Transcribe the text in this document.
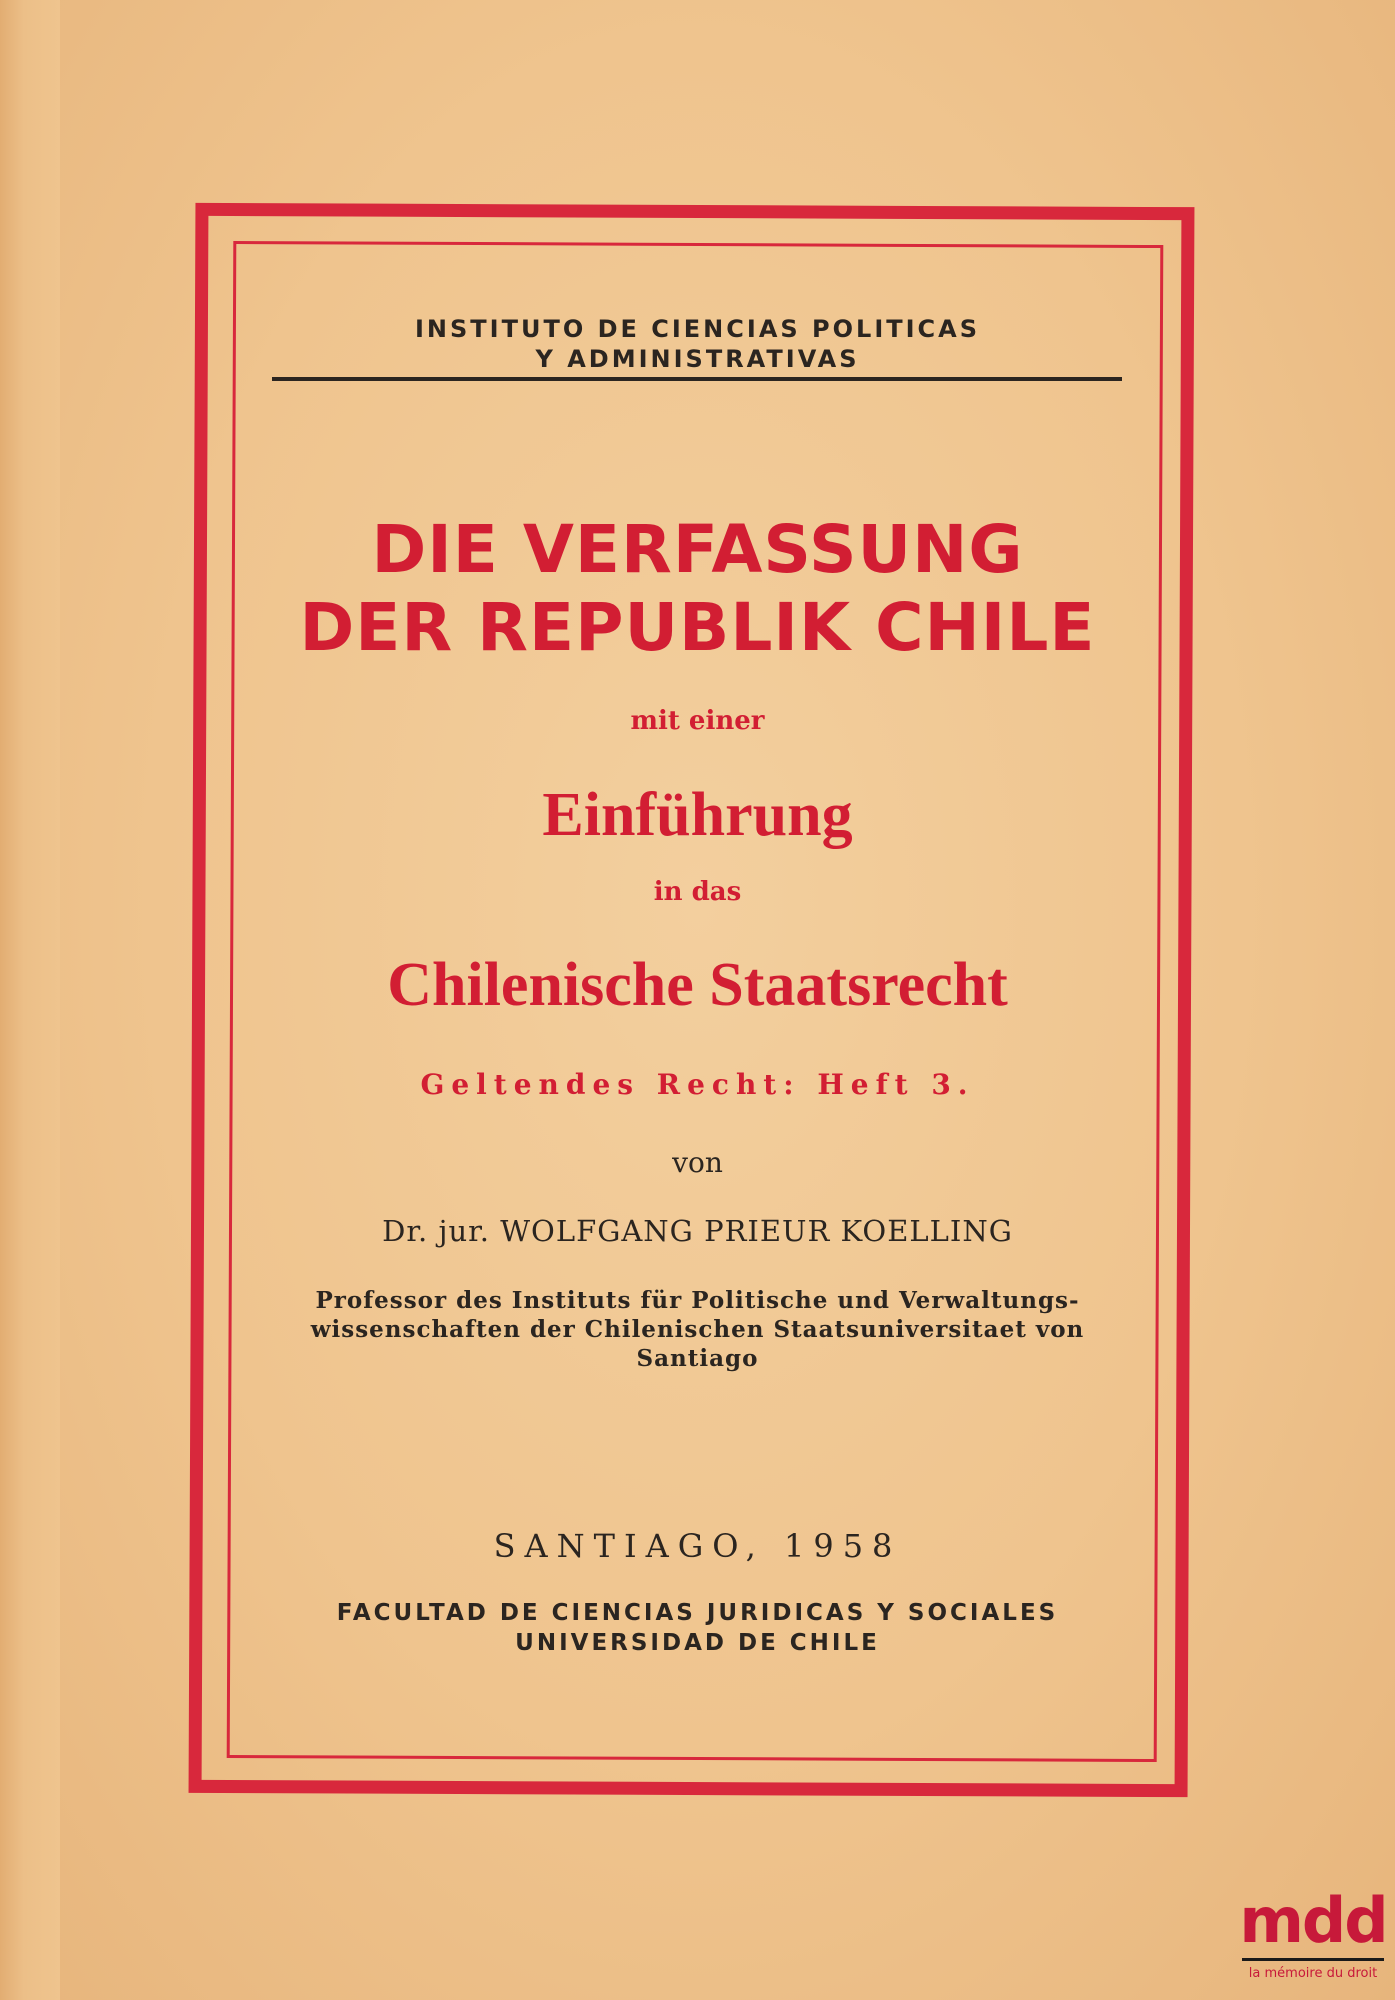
INSTITUTO DE CIENCIAS POLITICAS

Y ADMINISTRATIVAS

DIE VERFASSUNG

DER REPUBLIK CHILE

mit einer

Einführung

in das

Chilenische Staatsrecht

Geltendes Recht: Heft 3.

von

Dr. jur. WOLFGANG PRIEUR KOELLING

Professor des Instituts für Politische und Verwaltungs-

wissenschaften der Chilenischen Staatsuniversitaet von

Santiago

SANTIAGO, 1958

FACULTAD DE CIENCIAS JURIDICAS Y SOCIALES

UNIVERSIDAD DE CHILE

mdd
la mémoire du droit
